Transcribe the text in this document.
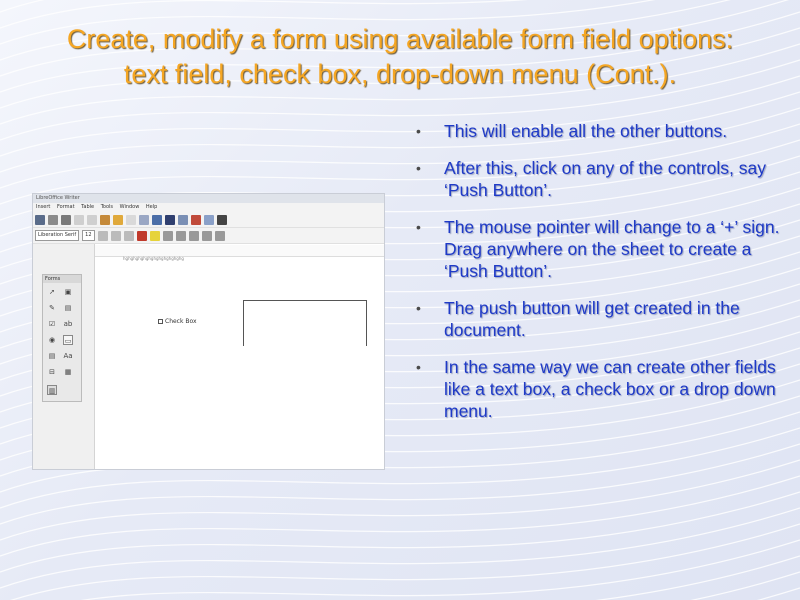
Create, modify a form using available form field options:
text field, check box, drop-down menu (Cont.).
LibreOffice Writer
Insert Format Table Tools Window Help
Liberation Serif	12
Forms
➚ ▣
✎ ▤
☑ ab
◉ ▭
▤ Aa
⊟ ▦
▥
hghghghghghghghghghghghg
Check Box
• This will enable all the other buttons.
• After this, click on any of the controls, say ‘Push Button’.
• The mouse pointer will change to a ‘+’ sign. Drag anywhere on the sheet to create a ‘Push Button’.
• The push button will get created in the document.
• In the same way we can create other fields like a text box, a check box or a drop down menu.
